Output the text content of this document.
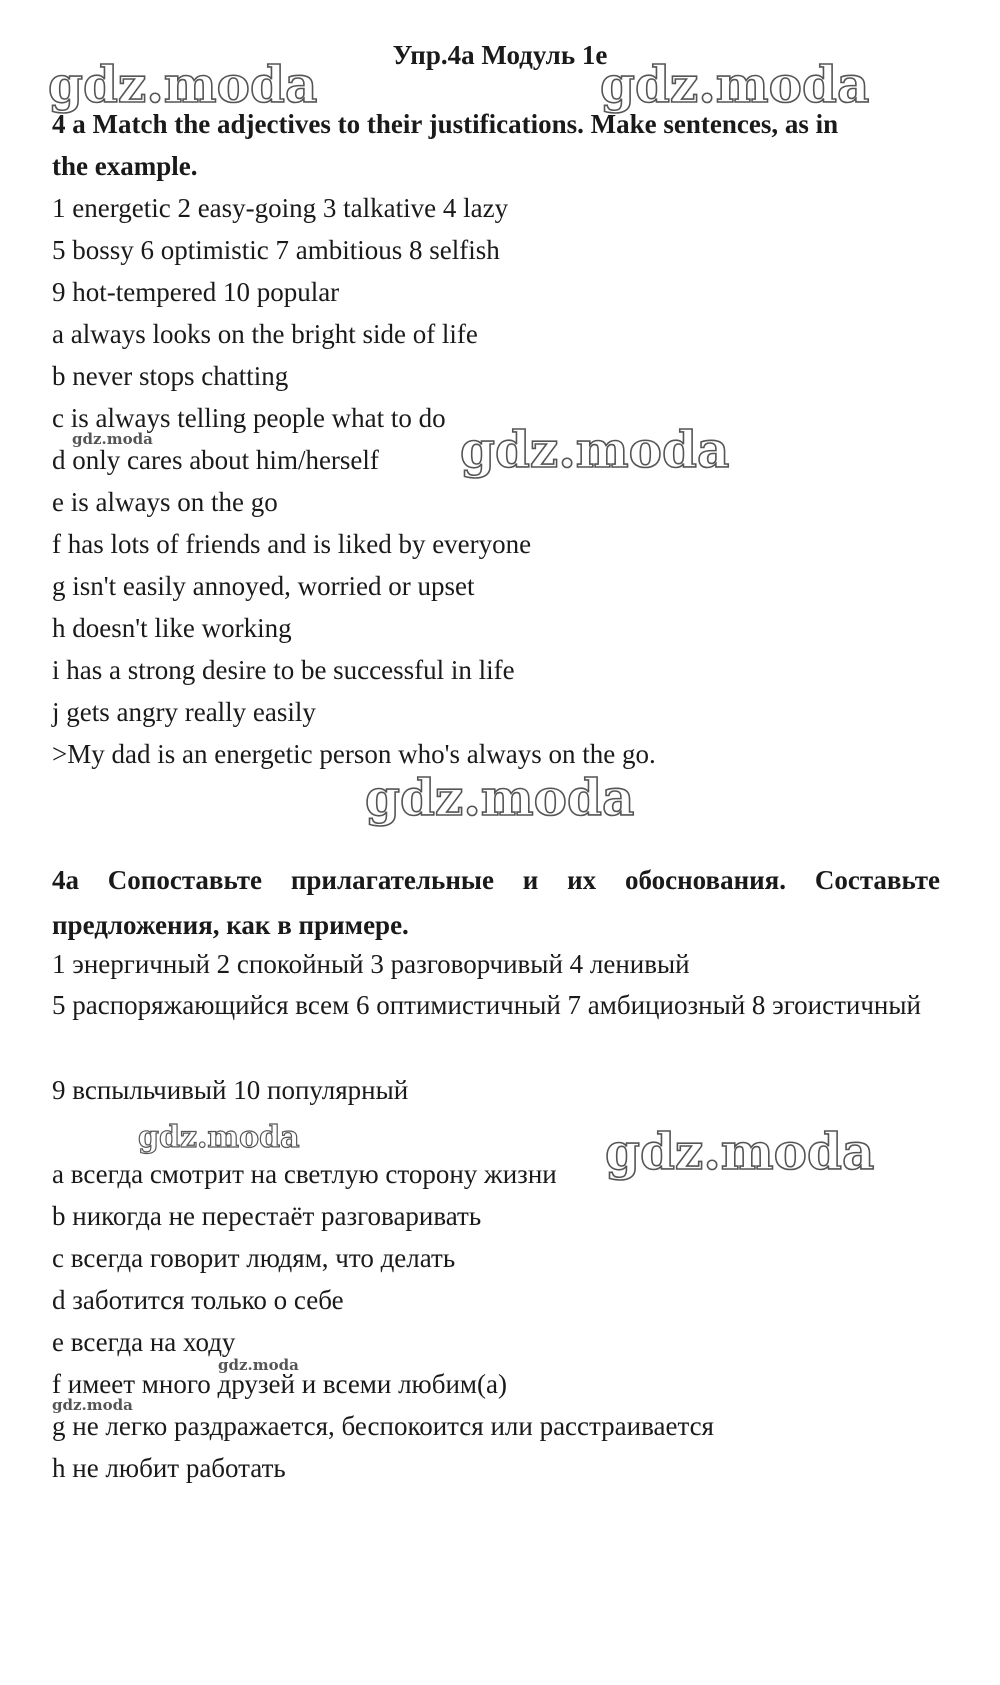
Упр.4а Модуль 1е
gdz.moda	gdz.moda
gdz.moda	gdz.moda
gdz.moda
gdz.moda	gdz.moda
gdz.moda
gdz.moda
4 a Match the adjectives to their justifications. Make sentences, as in
the example.
1 energetic 2 easy-going 3 talkative 4 lazy
5 bossy 6 optimistic 7 ambitious 8 selfish
9 hot-tempered 10 popular
a always looks on the bright side of life
b never stops chatting
c is always telling people what to do
d only cares about him/herself
e is always on the go
f has lots of friends and is liked by everyone
g isn't easily annoyed, worried or upset
h doesn't like working
i has a strong desire to be successful in life
j gets angry really easily
>My dad is an energetic person who's always on the go.
4а Сопоставьте прилагательные и их обоснования. Составьте предложения, как в примере.
1 энергичный 2 спокойный 3 разговорчивый 4 ленивый
5 распоряжающийся всем 6 оптимистичный 7 амбициозный 8 эгоистичный
9 вспыльчивый 10 популярный
а всегда смотрит на светлую сторону жизни
b никогда не перестаёт разговаривать
с всегда говорит людям, что делать
d заботится только о себе
е всегда на ходу
f имеет много друзей и всеми любим(а)
g не легко раздражается, беспокоится или расстраивается
h не любит работать
